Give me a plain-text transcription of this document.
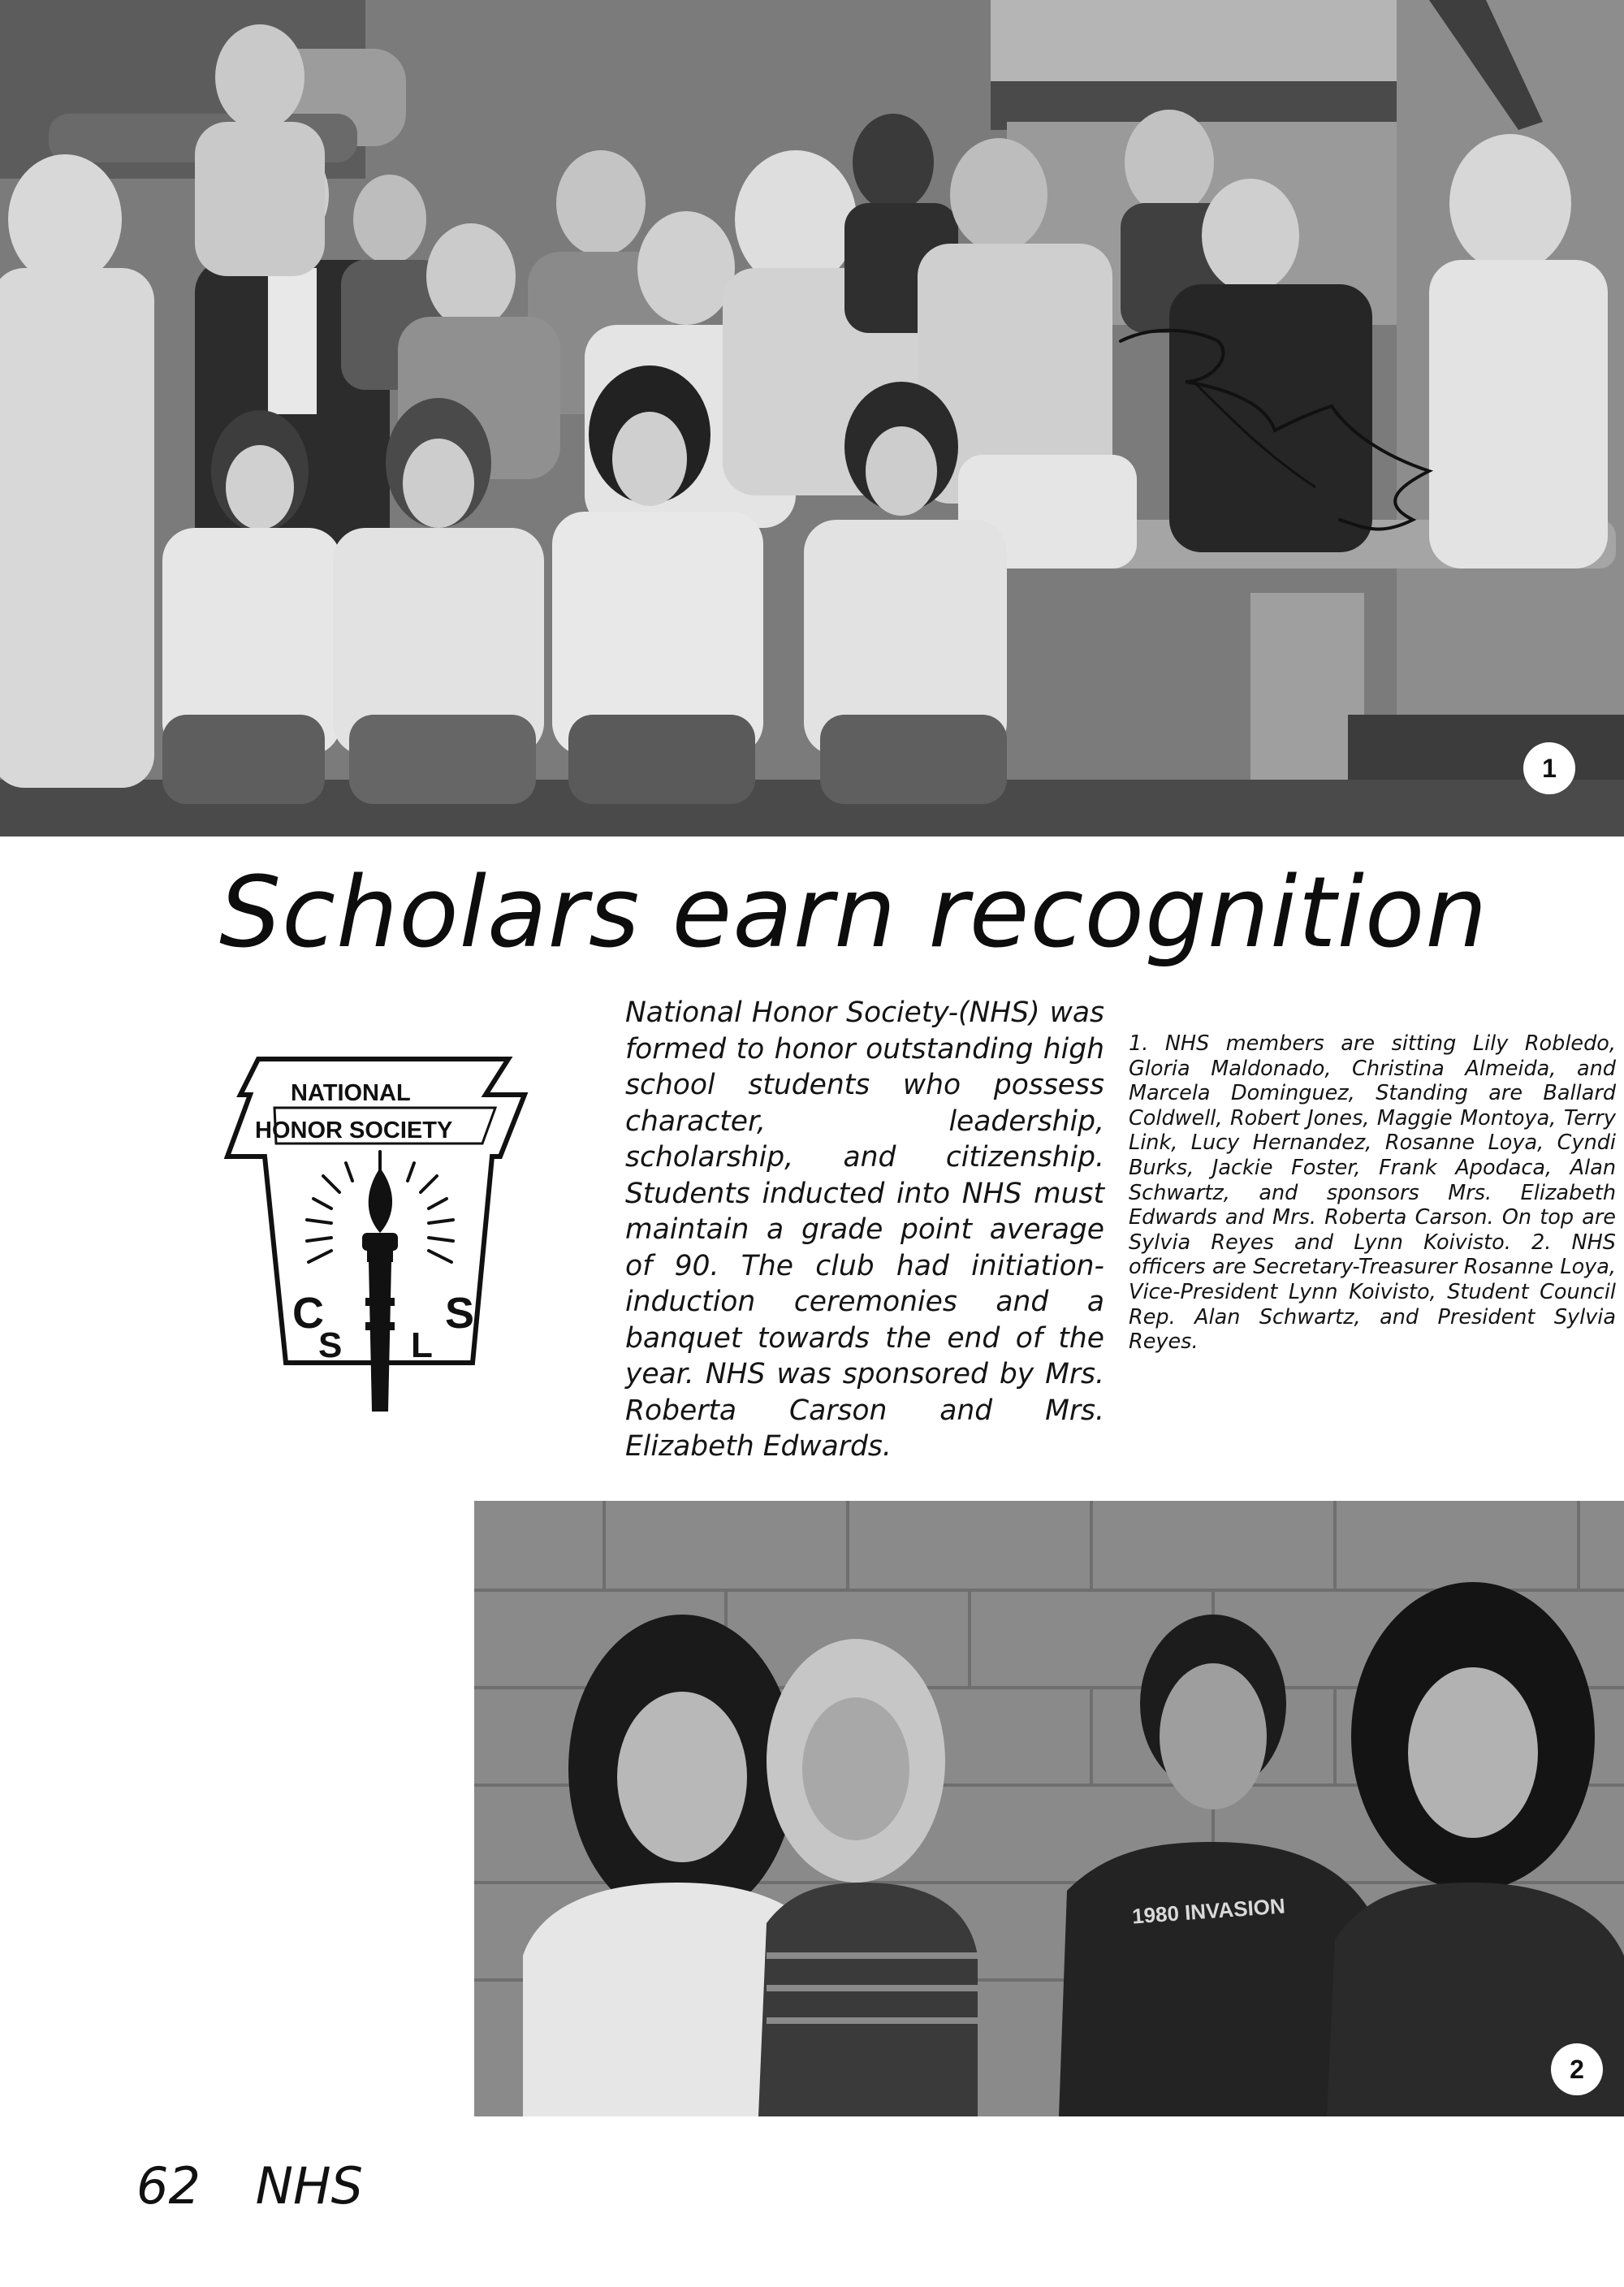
1
Scholars earn recognition
NATIONAL
HONOR SOCIETY
C
S L
S

National Honor Society-(NHS) was formed to honor outstanding high school students who possess character, leadership, scholarship, and citizenship. Students inducted into NHS must maintain a grade point average of 90. The club had initiation- induction ceremonies and a banquet towards the end of the year. NHS was sponsored by Mrs. Roberta Carson and Mrs. Elizabeth Edwards.

1. NHS members are sitting Lily Robledo, Gloria Maldonado, Christina Almeida, and Marcela Dominguez, Standing are Ballard Coldwell, Robert Jones, Maggie Montoya, Terry Link, Lucy Hernandez, Rosanne Loya, Cyndi Burks, Jackie Foster, Frank Apodaca, Alan Schwartz, and sponsors Mrs. Elizabeth Edwards and Mrs. Roberta Carson. On top are Sylvia Reyes and Lynn Koivisto. 2. NHS officers are Secretary-Treasurer Rosanne Loya, Vice-President Lynn Koivisto, Student Council Rep. Alan Schwartz, and President Sylvia Reyes.

1980 INVASION
2
62 NHS
